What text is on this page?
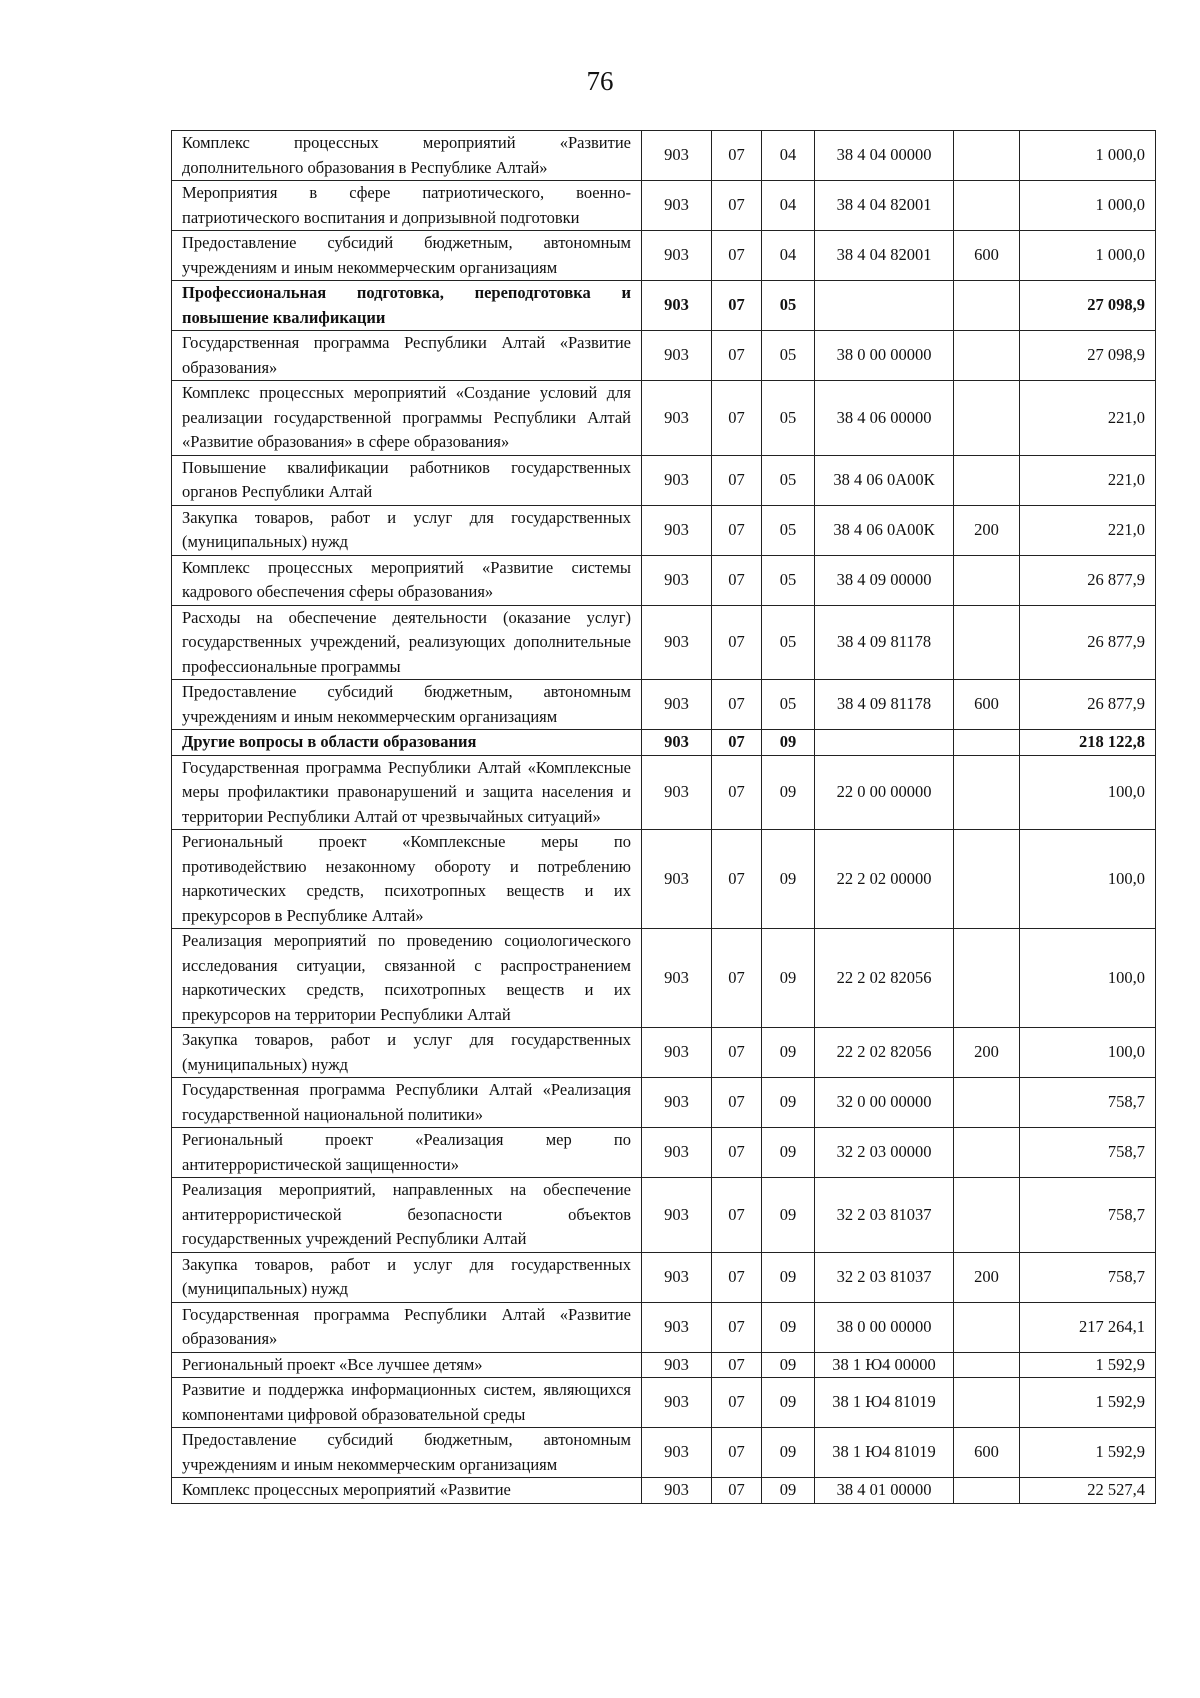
76
Комплекс процессных мероприятий «Развитие дополнительного образования в Республике Алтай»	903	07	04	38 4 04 00000		1 000,0
Мероприятия в сфере патриотического, военно-патриотического воспитания и допризывной подготовки	903	07	04	38 4 04 82001		1 000,0
Предоставление субсидий бюджетным, автономным учреждениям и иным некоммерческим организациям	903	07	04	38 4 04 82001	600	1 000,0
Профессиональная подготовка, переподготовка и повышение квалификации	903	07	05			27 098,9
Государственная программа Республики Алтай «Развитие образования»	903	07	05	38 0 00 00000		27 098,9
Комплекс процессных мероприятий «Создание условий для реализации государственной программы Республики Алтай «Развитие образования» в сфере образования»	903	07	05	38 4 06 00000		221,0
Повышение квалификации работников государственных органов Республики Алтай	903	07	05	38 4 06 0А00К		221,0
Закупка товаров, работ и услуг для государственных (муниципальных) нужд	903	07	05	38 4 06 0А00К	200	221,0
Комплекс процессных мероприятий «Развитие системы кадрового обеспечения сферы образования»	903	07	05	38 4 09 00000		26 877,9
Расходы на обеспечение деятельности (оказание услуг) государственных учреждений, реализующих дополнительные профессиональные программы	903	07	05	38 4 09 81178		26 877,9
Предоставление субсидий бюджетным, автономным учреждениям и иным некоммерческим организациям	903	07	05	38 4 09 81178	600	26 877,9
Другие вопросы в области образования	903	07	09			218 122,8
Государственная программа Республики Алтай «Комплексные меры профилактики правонарушений и защита населения и территории Республики Алтай от чрезвычайных ситуаций»	903	07	09	22 0 00 00000		100,0
Региональный проект «Комплексные меры по противодействию незаконному обороту и потреблению наркотических средств, психотропных веществ и их прекурсоров в Республике Алтай»	903	07	09	22 2 02 00000		100,0
Реализация мероприятий по проведению социологического исследования ситуации, связанной с распространением наркотических средств, психотропных веществ и их прекурсоров на территории Республики Алтай	903	07	09	22 2 02 82056		100,0
Закупка товаров, работ и услуг для государственных (муниципальных) нужд	903	07	09	22 2 02 82056	200	100,0
Государственная программа Республики Алтай «Реализация государственной национальной политики»	903	07	09	32 0 00 00000		758,7
Региональный проект «Реализация мер по антитеррористической защищенности»	903	07	09	32 2 03 00000		758,7
Реализация мероприятий, направленных на обеспечение антитеррористической безопасности объектов государственных учреждений Республики Алтай	903	07	09	32 2 03 81037		758,7
Закупка товаров, работ и услуг для государственных (муниципальных) нужд	903	07	09	32 2 03 81037	200	758,7
Государственная программа Республики Алтай «Развитие образования»	903	07	09	38 0 00 00000		217 264,1
Региональный проект «Все лучшее детям»	903	07	09	38 1 Ю4 00000		1 592,9
Развитие и поддержка информационных систем, являющихся компонентами цифровой образовательной среды	903	07	09	38 1 Ю4 81019		1 592,9
Предоставление субсидий бюджетным, автономным учреждениям и иным некоммерческим организациям	903	07	09	38 1 Ю4 81019	600	1 592,9
Комплекс процессных мероприятий «Развитие	903	07	09	38 4 01 00000		22 527,4
